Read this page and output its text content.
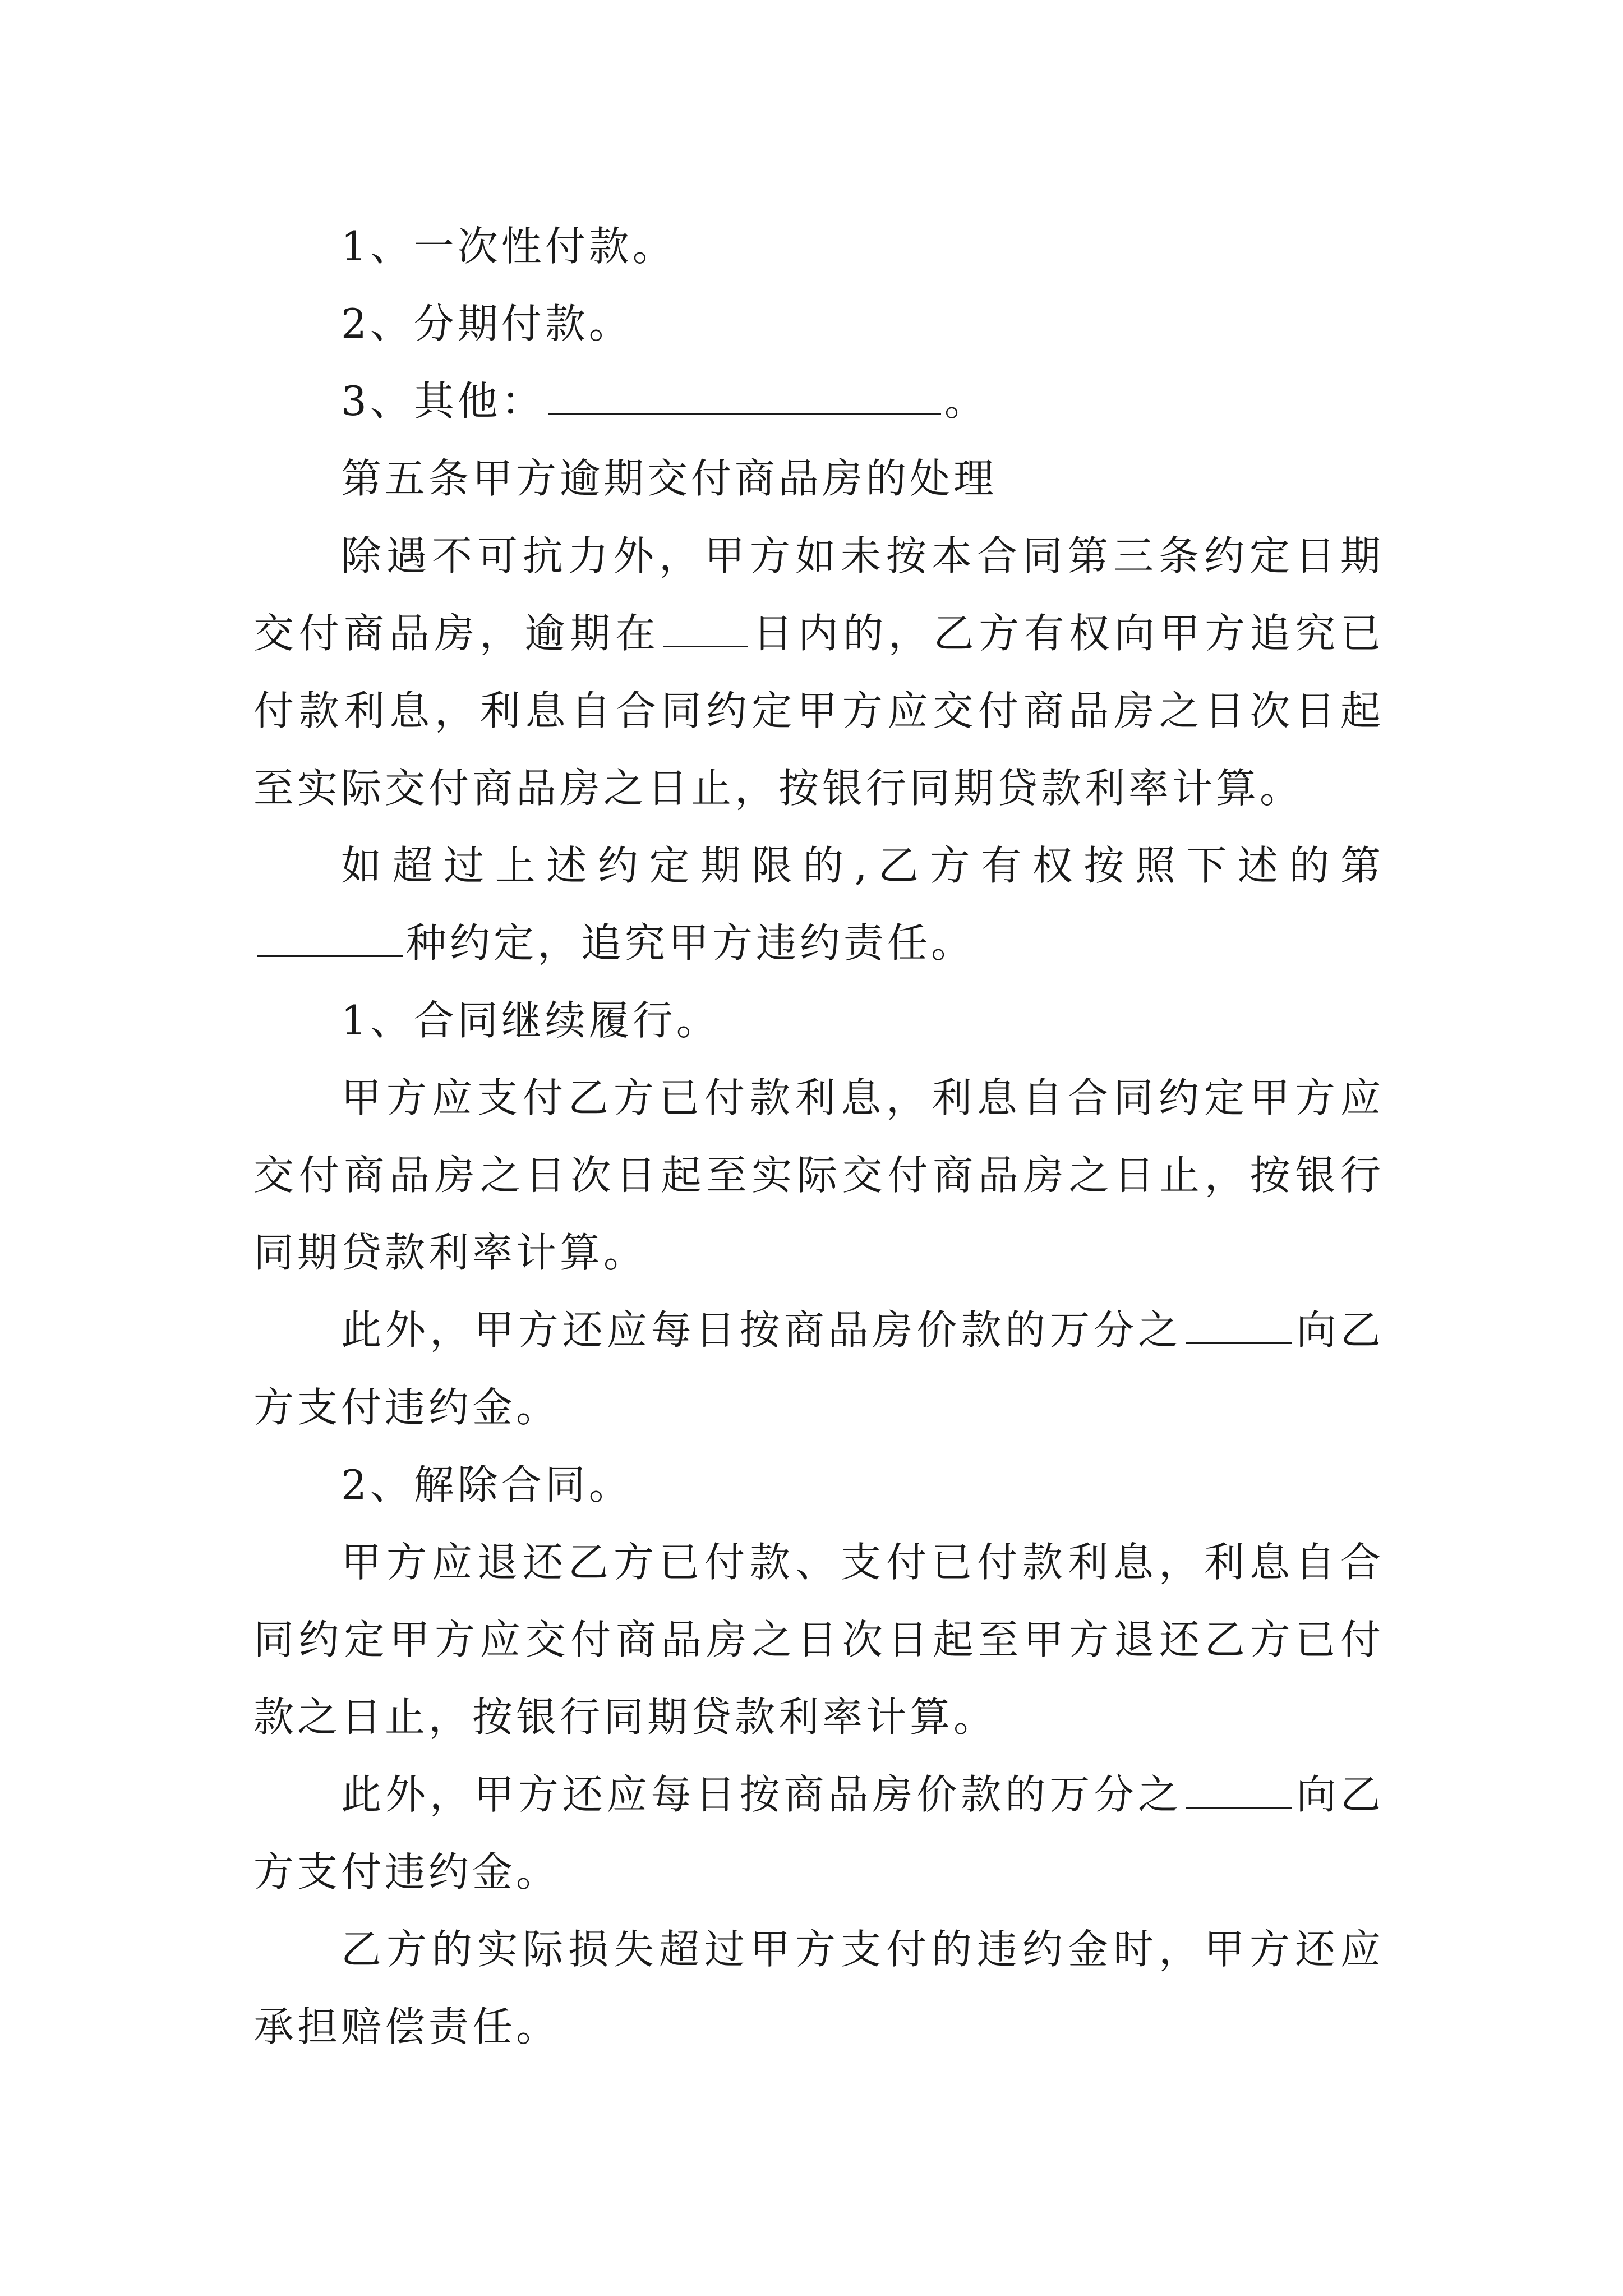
1、一次性付款。

2、分期付款。

3、其他：	。

第五条甲方逾期交付商品房的处理

除遇不可抗力外，甲方如未按本合同第三条约定日期交付商品房，逾期在 日内的，乙方有权向甲方追究已付款利息，利息自合同约定甲方应交付商品房之日次日起至实际交付商品房之日止，按银行同期贷款利率计算。

如超过上述约定期限的,乙方有权按照下述的第种约定，追究甲方违约责任。

1、合同继续履行。

甲方应支付乙方已付款利息，利息自合同约定甲方应交付商品房之日次日起至实际交付商品房之日止，按银行同期贷款利率计算。

此外，甲方还应每日按商品房价款的万分之	向乙方支付违约金。

2、解除合同。

甲方应退还乙方已付款、支付已付款利息，利息自合同约定甲方应交付商品房之日次日起至甲方退还乙方已付款之日止，按银行同期贷款利率计算。

此外，甲方还应每日按商品房价款的万分之	向乙方支付违约金。

乙方的实际损失超过甲方支付的违约金时，甲方还应承担赔偿责任。
